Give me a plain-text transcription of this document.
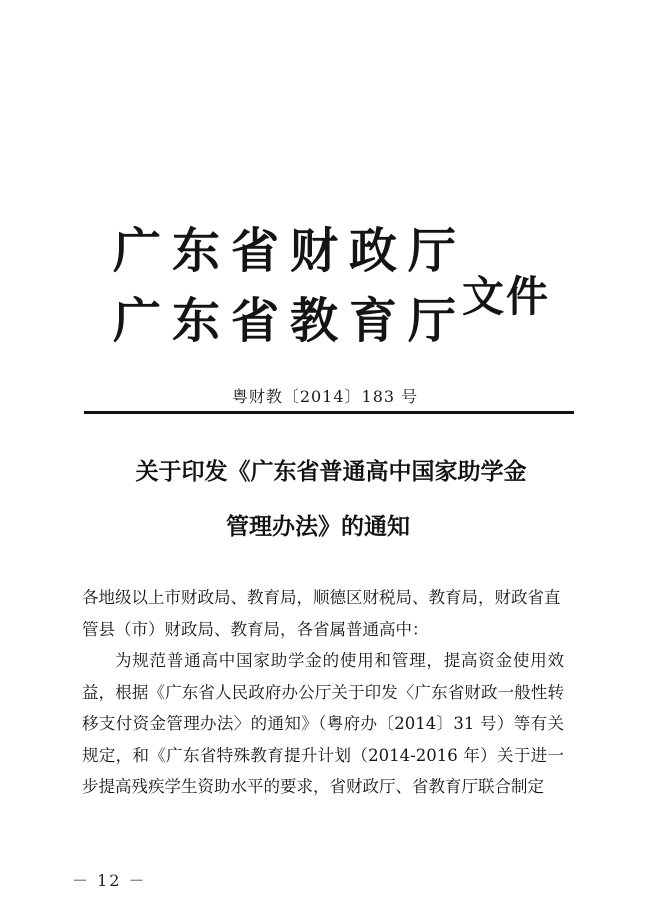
广 东 省 财 政 厅
广 东 省 教 育 厅 文件
粤财教〔2014〕183 号
关于印发《广东省普通高中国家助学金
管理办法》的通知
各地级以上市财政局、教育局，顺德区财税局、教育局，财政省直管县（市）财政局、教育局，各省属普通高中：
为规范普通高中国家助学金的使用和管理，提高资金使用效益，根据《广东省人民政府办公厅关于印发〈广东省财政一般性转移支付资金管理办法〉的通知》（粤府办〔2014〕31 号）等有关规定，和《广东省特殊教育提升计划（2014-2016 年）关于进一步提高残疾学生资助水平的要求，省财政厅、省教育厅联合制定
－ 12 －
